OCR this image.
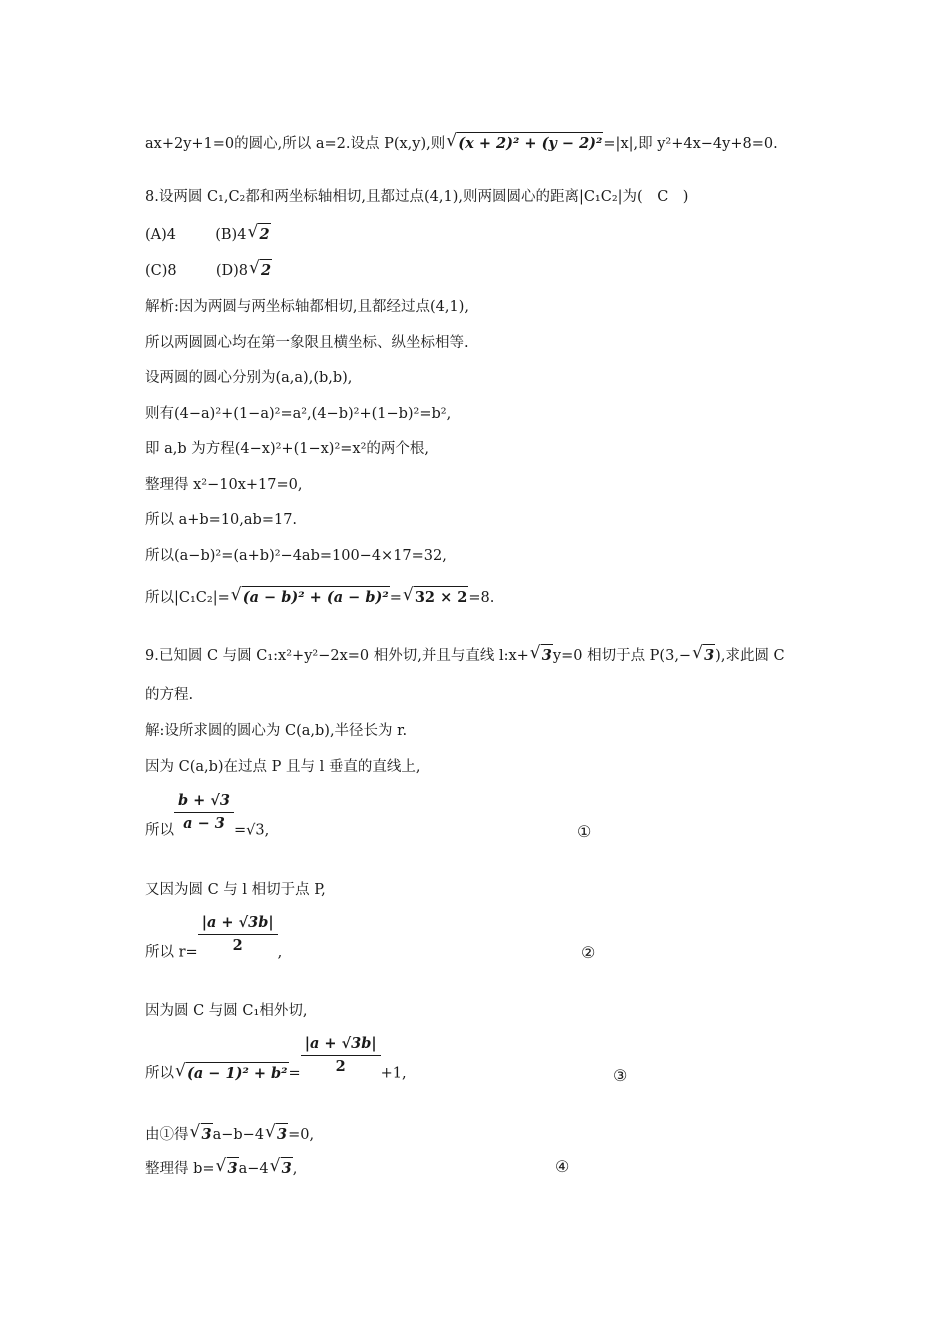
ax+2y+1=0的圆心,所以 a=2.设点 P(x,y),则 √ (x + 2)² + (y − 2)²=|x|,即 y²+4x−4y+8=0.
8.设两圆 C₁,C₂都和两坐标轴相切,且都过点(4,1),则两圆圆心的距离|C₁C₂|为(　C　)
(A)4	(B)4 √ 2
(C)8	(D)8 √ 2
解析:因为两圆与两坐标轴都相切,且都经过点(4,1),
所以两圆圆心均在第一象限且横坐标、纵坐标相等.
设两圆的圆心分别为(a,a),(b,b),
则有(4−a)²+(1−a)²=a²,(4−b)²+(1−b)²=b²,
即 a,b 为方程(4−x)²+(1−x)²=x²的两个根,
整理得 x²−10x+17=0,
所以 a+b=10,ab=17.
所以(a−b)²=(a+b)²−4ab=100−4×17=32,
所以|C₁C₂|= √ (a − b)² + (a − b)²= √ 32 × 2=8.
9.已知圆 C 与圆 C₁:x²+y²−2x=0 相外切,并且与直线 l:x+ √ 3y=0 相切于点 P(3,− √ 3),求此圆 C
的方程.
解:设所求圆的圆心为 C(a,b),半径长为 r.
因为 C(a,b)在过点 P 且与 l 垂直的直线上,
所以 $\frac{b + √3}{a - 3} =√3$,	①
又因为圆 C 与 l 相切于点 P,
所以 $r= \frac{|a + √3b|}{2}$ ,	②
因为圆 C 与圆 C₁相外切,
所以 √ $(a - 1)^2 + b^2= \frac{|a + √3b|}{2} +1$,	③
由①得 √ 3a−b−4 √ 3=0,
整理得 b= √ 3a−4 √ 3,	④
